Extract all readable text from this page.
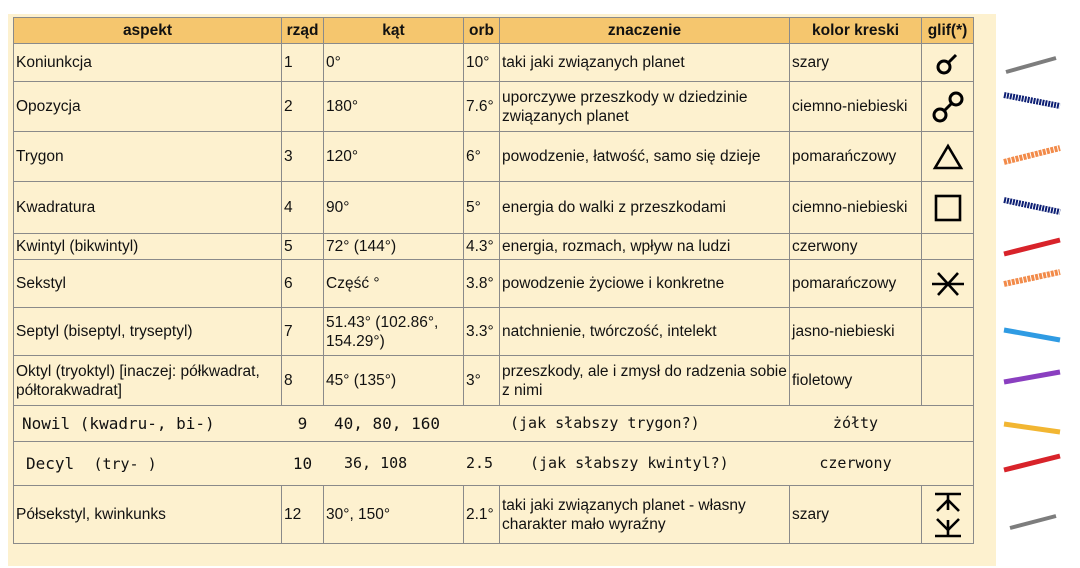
aspekt	rząd	kąt	orb	znaczenie	kolor kreski	glif(*)
Koniunkcja	1	0°	10°	taki jaki związanych planet	szary	

Opozycja	2	180°	7.6°	uporczywe przeszkody w dziedzinie związanych planet	ciemno-niebieski	

Trygon	3	120°	6°	powodzenie, łatwość, samo się dzieje	pomarańczowy	

Kwadratura	4	90°	5°	energia do walki z przeszkodami	ciemno-niebieski	

Kwintyl (bikwintyl)	5	72° (144°)	4.3°	energia, rozmach, wpływ na ludzi	czerwony	
Sekstyl	6	Część °	3.8°	powodzenie życiowe i konkretne	pomarańczowy	

Septyl (biseptyl, tryseptyl)	7	51.43° (102.86°, 154.29°)	3.3°	natchnienie, twórczość, intelekt	jasno-niebieski	
Oktyl (tryoktyl) [inaczej: półkwadrat, półtorakwadrat]	8	45° (135°)	3°	przeszkody, ale i zmysł do radzenia sobie z nimi	fioletowy	
Nowil (kwadru-, bi-)	9	40, 80, 160		(jak słabszy trygon?)	żółty	
Decyl (try- )	10	36, 108	2.5	(jak słabszy kwintyl?)	czerwony	
Półsekstyl, kwinkunks	12	30°, 150°	2.1°	taki jaki związanych planet - własny charakter mało wyraźny	szary	
